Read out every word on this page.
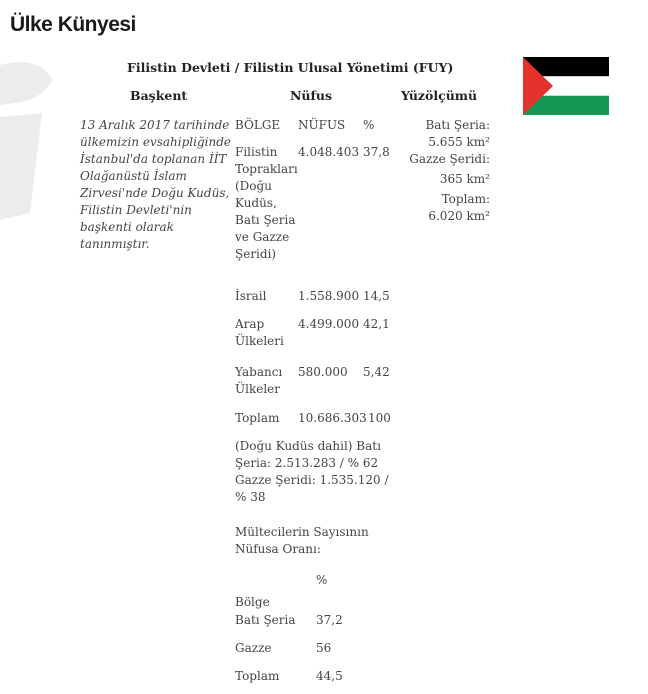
Ülke Künyesi
Filistin Devleti / Filistin Ulusal Yönetimi (FUY)
Başkent	Nüfus	Yüzölçümü
13 Aralık 2017 tarihinde
ülkemizin evsahipliğinde
İstanbul'da toplanan İİT
Olağanüstü İslam
Zirvesi'nde Doğu Kudüs,
Filistin Devleti'nin
başkenti olarak
tanınmıştır.
BÖLGE NÜFUS %
Filistin
Toprakları
(Doğu
Kudüs,
Batı Şeria
ve Gazze
Şeridi)
4.048.403 37,8
İsrail	1.558.900 14,5
Arap
Ülkeleri
4.499.000 42,1
Yabancı
Ülkeler
580.000 5,42
Toplam 10.686.303 100
(Doğu Kudüs dahil) Batı
Şeria: 2.513.283 / % 62
Gazze Şeridi: 1.535.120 /
% 38
Mültecilerin Sayısının
Nüfusa Oranı:
%
Bölge
Batı Şeria 37,2
Gazze	56
Toplam	44,5
Batı Şeria:
5.655 km²
Gazze Şeridi:
365 km²
Toplam:
6.020 km²
